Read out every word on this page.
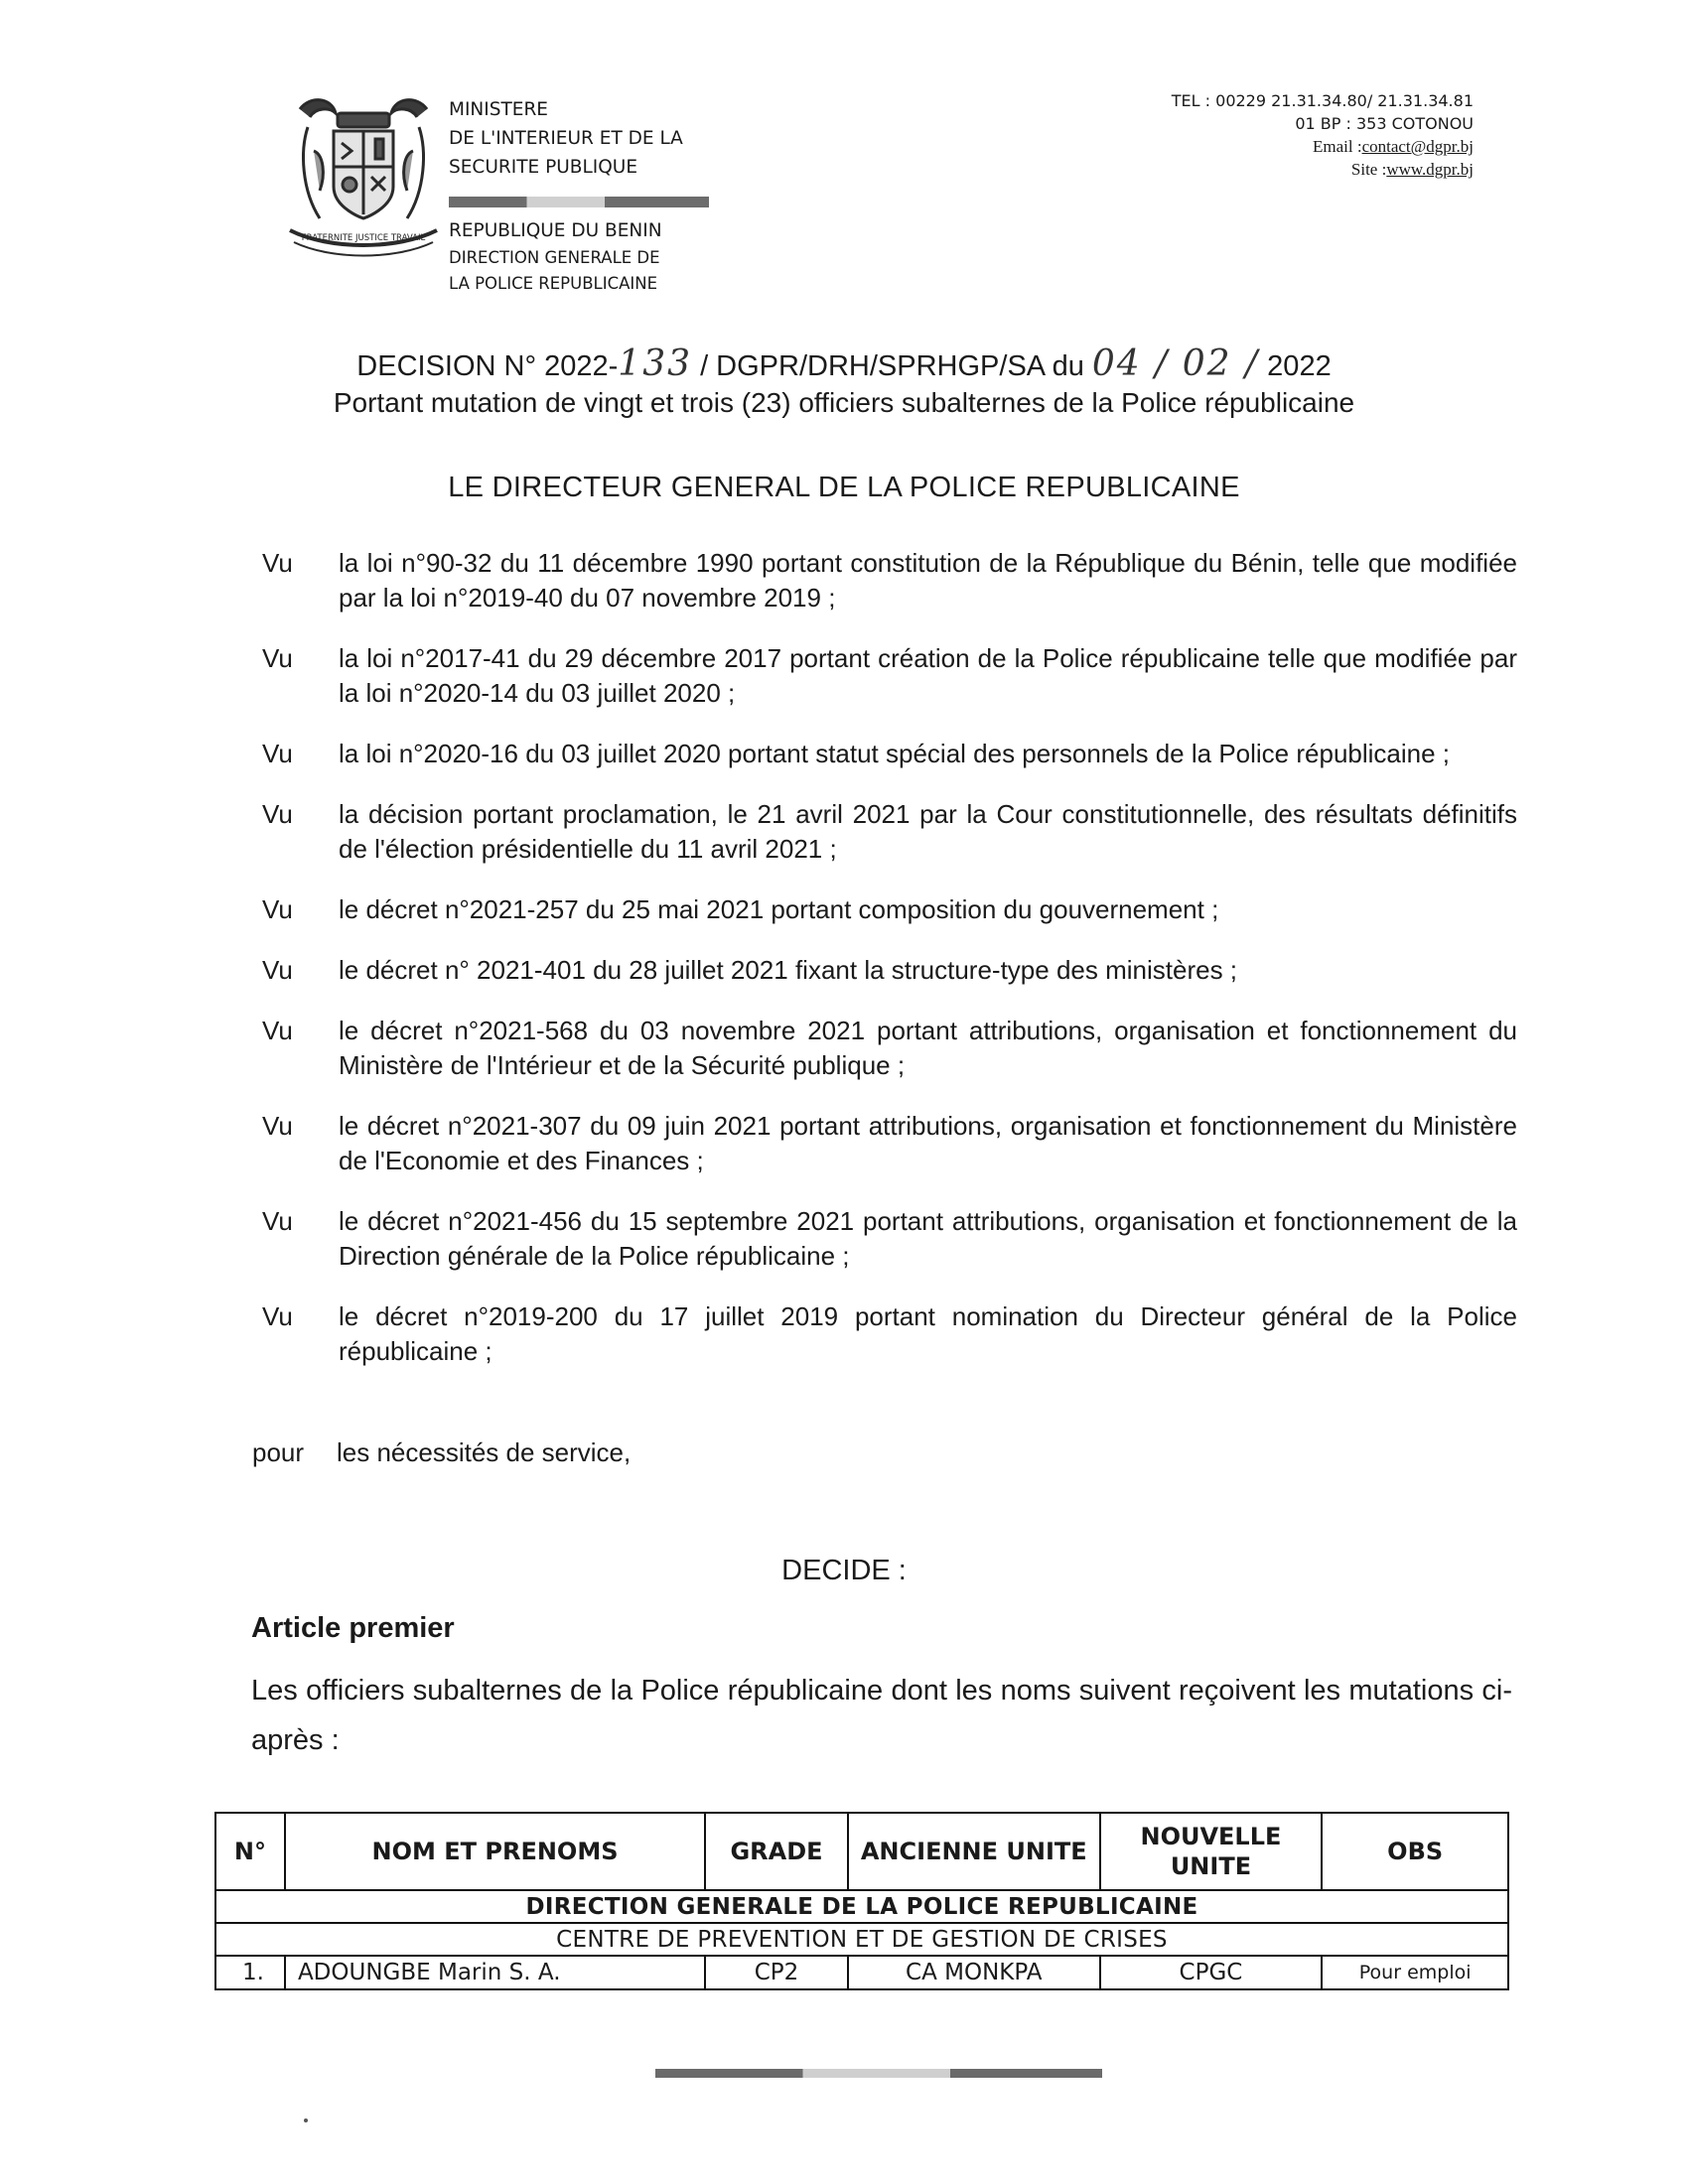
FRATERNITE JUSTICE TRAVAIL
MINISTERE
DE L'INTERIEUR ET DE LA
SECURITE PUBLIQUE
REPUBLIQUE DU BENIN
DIRECTION GENERALE DE
LA POLICE REPUBLICAINE
TEL : 00229 21.31.34.80/ 21.31.34.81
01 BP : 353 COTONOU
Email :contact@dgpr.bj
Site :www.dgpr.bj
DECISION N° 2022-133 / DGPR/DRH/SPRHGP/SA du 04 / 02 / 2022
Portant mutation de vingt et trois (23) officiers subalternes de la Police républicaine
LE DIRECTEUR GENERAL DE LA POLICE REPUBLICAINE
Vu la loi n°90-32 du 11 décembre 1990 portant constitution de la République du Bénin, telle que modifiée par la loi n°2019-40 du 07 novembre 2019 ;
Vu la loi n°2017-41 du 29 décembre 2017 portant création de la Police républicaine telle que modifiée par la loi n°2020-14 du 03 juillet 2020 ;
Vu la loi n°2020-16 du 03 juillet 2020 portant statut spécial des personnels de la Police républicaine ;
Vu la décision portant proclamation, le 21 avril 2021 par la Cour constitutionnelle, des résultats définitifs de l'élection présidentielle du 11 avril 2021 ;
Vu le décret n°2021-257 du 25 mai 2021 portant composition du gouvernement ;
Vu le décret n° 2021-401 du 28 juillet 2021 fixant la structure-type des ministères ;
Vu le décret n°2021-568 du 03 novembre 2021 portant attributions, organisation et fonctionnement du Ministère de l'Intérieur et de la Sécurité publique ;
Vu le décret n°2021-307 du 09 juin 2021 portant attributions, organisation et fonctionnement du Ministère de l'Economie et des Finances ;
Vu le décret n°2021-456 du 15 septembre 2021 portant attributions, organisation et fonctionnement de la Direction générale de la Police républicaine ;
Vu le décret n°2019-200 du 17 juillet 2019 portant nomination du Directeur général de la Police républicaine ;
pour les nécessités de service,
DECIDE :
Article premier
Les officiers subalternes de la Police républicaine dont les noms suivent reçoivent les mutations ci-après :
N°	NOM ET PRENOMS	GRADE	ANCIENNE UNITE	NOUVELLE UNITE	OBS
DIRECTION GENERALE DE LA POLICE REPUBLICAINE					
CENTRE DE PREVENTION ET DE GESTION DE CRISES					
1.	ADOUNGBE Marin S. A.	CP2	CA MONKPA	CPGC	Pour emploi
